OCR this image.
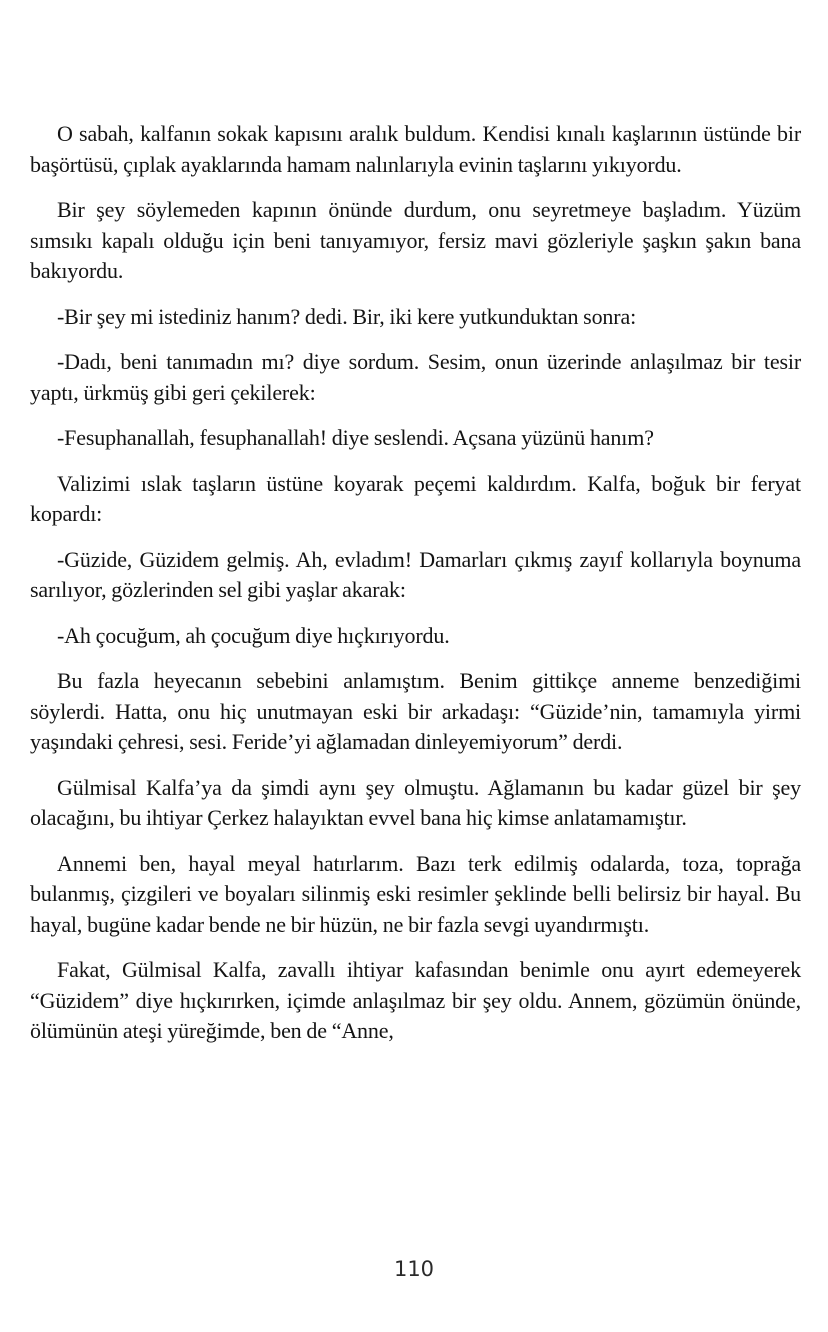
O sabah, kalfanın sokak kapısını aralık buldum. Kendisi kınalı kaşlarının üstünde bir başörtüsü, çıplak ayaklarında hamam nalınlarıyla evinin taşlarını yıkıyordu.

Bir şey söylemeden kapının önünde durdum, onu seyretmeye başladım. Yüzüm sımsıkı kapalı olduğu için beni tanıyamıyor, fersiz mavi gözleriyle şaşkın şakın bana bakıyordu.

-Bir şey mi istediniz hanım? dedi. Bir, iki kere yutkunduktan sonra:

-Dadı, beni tanımadın mı? diye sordum. Sesim, onun üzerinde anlaşılmaz bir tesir yaptı, ürkmüş gibi geri çekilerek:

-Fesuphanallah, fesuphanallah! diye seslendi. Açsana yüzünü hanım?

Valizimi ıslak taşların üstüne koyarak peçemi kaldırdım. Kalfa, boğuk bir feryat kopardı:

-Güzide, Güzidem gelmiş. Ah, evladım! Damarları çıkmış zayıf kollarıyla boynuma sarılıyor, gözlerinden sel gibi yaşlar akarak:

-Ah çocuğum, ah çocuğum diye hıçkırıyordu.

Bu fazla heyecanın sebebini anlamıştım. Benim gittikçe anneme benzediğimi söylerdi. Hatta, onu hiç unutmayan eski bir arkadaşı: “Güzide’nin, tamamıyla yirmi yaşındaki çehresi, sesi. Feride’yi ağlamadan dinleyemiyorum” derdi.

Gülmisal Kalfa’ya da şimdi aynı şey olmuştu. Ağlamanın bu kadar güzel bir şey olacağını, bu ihtiyar Çerkez halayıktan evvel bana hiç kimse anlatamamıştır.

Annemi ben, hayal meyal hatırlarım. Bazı terk edilmiş odalarda, toza, toprağa bulanmış, çizgileri ve boyaları silinmiş eski resimler şeklinde belli belirsiz bir hayal. Bu hayal, bugüne kadar bende ne bir hüzün, ne bir fazla sevgi uyandırmıştı.

Fakat, Gülmisal Kalfa, zavallı ihtiyar kafasından benimle onu ayırt edemeyerek “Güzidem” diye hıçkırırken, içimde anlaşılmaz bir şey oldu. Annem, gözümün önünde, ölümünün ateşi yüreğimde, ben de “Anne,

110
